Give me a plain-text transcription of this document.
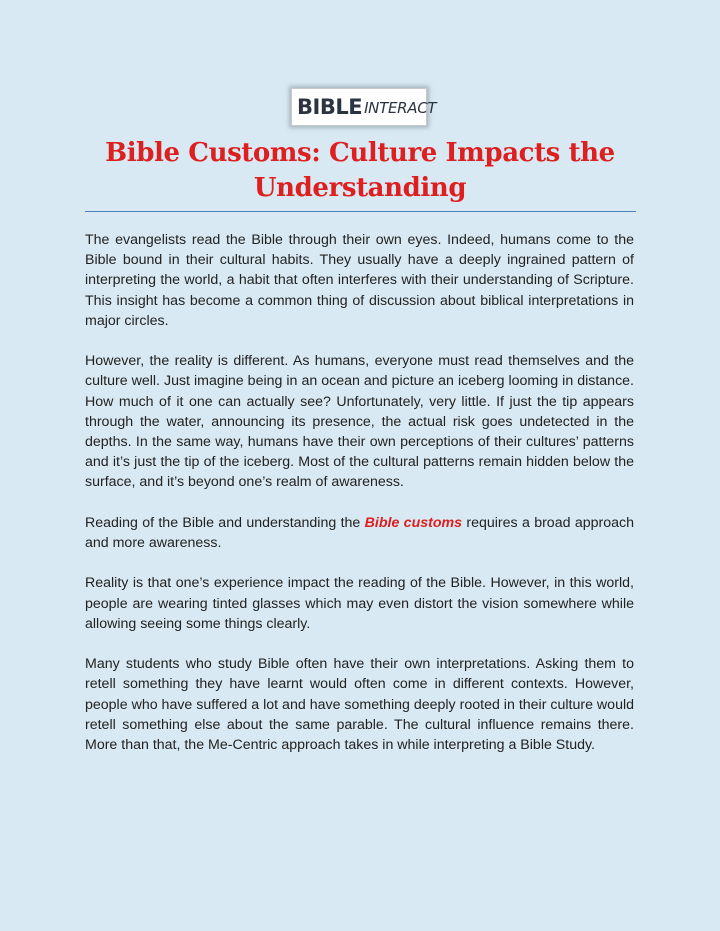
BIBLE INTERACT
Bible Customs: Culture Impacts the Understanding

The evangelists read the Bible through their own eyes. Indeed, humans come to the Bible bound in their cultural habits. They usually have a deeply ingrained pattern of interpreting the world, a habit that often interferes with their understanding of Scripture. This insight has become a common thing of discussion about biblical interpretations in major circles.

However, the reality is different. As humans, everyone must read themselves and the culture well. Just imagine being in an ocean and picture an iceberg looming in distance. How much of it one can actually see? Unfortunately, very little. If just the tip appears through the water, announcing its presence, the actual risk goes undetected in the depths. In the same way, humans have their own perceptions of their cultures’ patterns and it’s just the tip of the iceberg. Most of the cultural patterns remain hidden below the surface, and it’s beyond one’s realm of awareness.

Reading of the Bible and understanding the Bible customs requires a broad approach and more awareness.

Reality is that one’s experience impact the reading of the Bible. However, in this world, people are wearing tinted glasses which may even distort the vision somewhere while allowing seeing some things clearly.

Many students who study Bible often have their own interpretations. Asking them to retell something they have learnt would often come in different contexts. However, people who have suffered a lot and have something deeply rooted in their culture would retell something else about the same parable. The cultural influence remains there. More than that, the Me-Centric approach takes in while interpreting a Bible Study.
